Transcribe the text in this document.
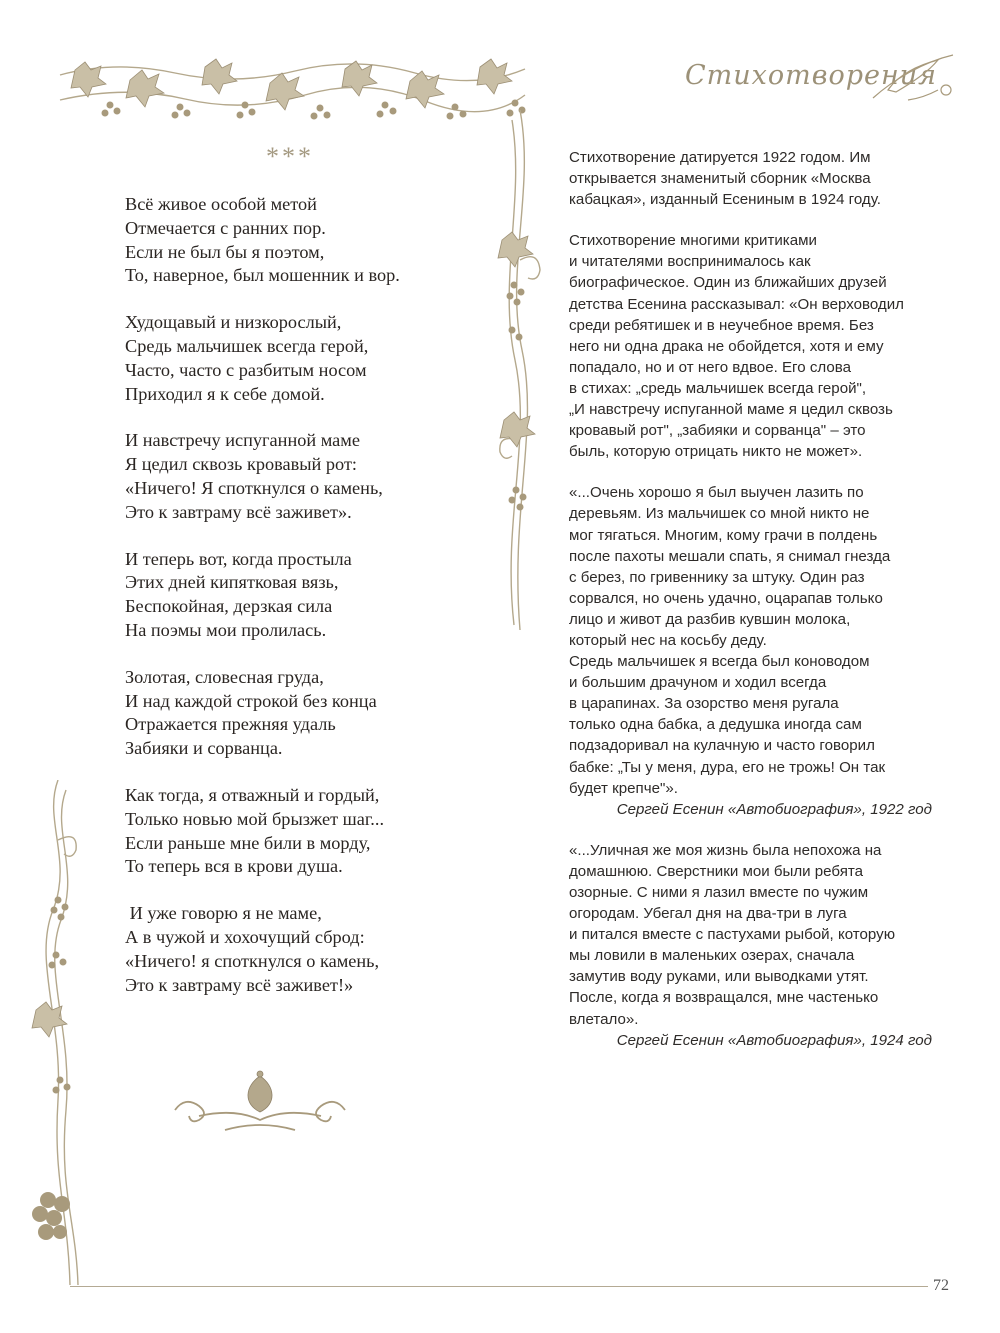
Стихотворения
***
Всё живое особой метой
Отмечается с ранних пор.
Если не был бы я поэтом,
То, наверное, был мошенник и вор.
Худощавый и низкорослый,
Средь мальчишек всегда герой,
Часто, часто с разбитым носом
Приходил я к себе домой.
И навстречу испуганной маме
Я цедил сквозь кровавый рот:
«Ничего! Я споткнулся о камень,
Это к завтраму всё заживет».
И теперь вот, когда простыла
Этих дней кипятковая вязь,
Беспокойная, дерзкая сила
На поэмы мои пролилась.
Золотая, словесная груда,
И над каждой строкой без конца
Отражается прежняя удаль
Забияки и сорванца.
Как тогда, я отважный и гордый,
Только новью мой брызжет шаг...
Если раньше мне били в морду,
То теперь вся в крови душа.
И уже говорю я не маме,
А в чужой и хохочущий сброд:
«Ничего! я споткнулся о камень,
Это к завтраму всё заживет!»
Стихотворение датируется 1922 годом. Им
открывается знаменитый сборник «Москва
кабацкая», изданный Есениным в 1924 году.
Стихотворение многими критиками
и читателями воспринималось как
биографическое. Один из ближайших друзей
детства Есенина рассказывал: «Он верховодил
среди ребятишек и в неучебное время. Без
него ни одна драка не обойдется, хотя и ему
попадало, но и от него вдвое. Его слова
в стихах: „средь мальчишек всегда герой",
„И навстречу испуганной маме я цедил сквозь
кровавый рот", „забияки и сорванца" – это
быль, которую отрицать никто не может».
«...Очень хорошо я был выучен лазить по
деревьям. Из мальчишек со мной никто не
мог тягаться. Многим, кому грачи в полдень
после пахоты мешали спать, я снимал гнезда
с берез, по гривеннику за штуку. Один раз
сорвался, но очень удачно, оцарапав только
лицо и живот да разбив кувшин молока,
который нес на косьбу деду.
Средь мальчишек я всегда был коноводом
и большим драчуном и ходил всегда
в царапинах. За озорство меня ругала
только одна бабка, а дедушка иногда сам
подзадоривал на кулачную и часто говорил
бабке: „Ты у меня, дура, его не трожь! Он так
будет крепче"».
Сергей Есенин «Автобиография», 1922 год
«...Уличная же моя жизнь была непохожа на
домашнюю. Сверстники мои были ребята
озорные. С ними я лазил вместе по чужим
огородам. Убегал дня на два-три в луга
и питался вместе с пастухами рыбой, которую
мы ловили в маленьких озерах, сначала
замутив воду руками, или выводками утят.
После, когда я возвращался, мне частенько
влетало».
Сергей Есенин «Автобиография», 1924 год
72
